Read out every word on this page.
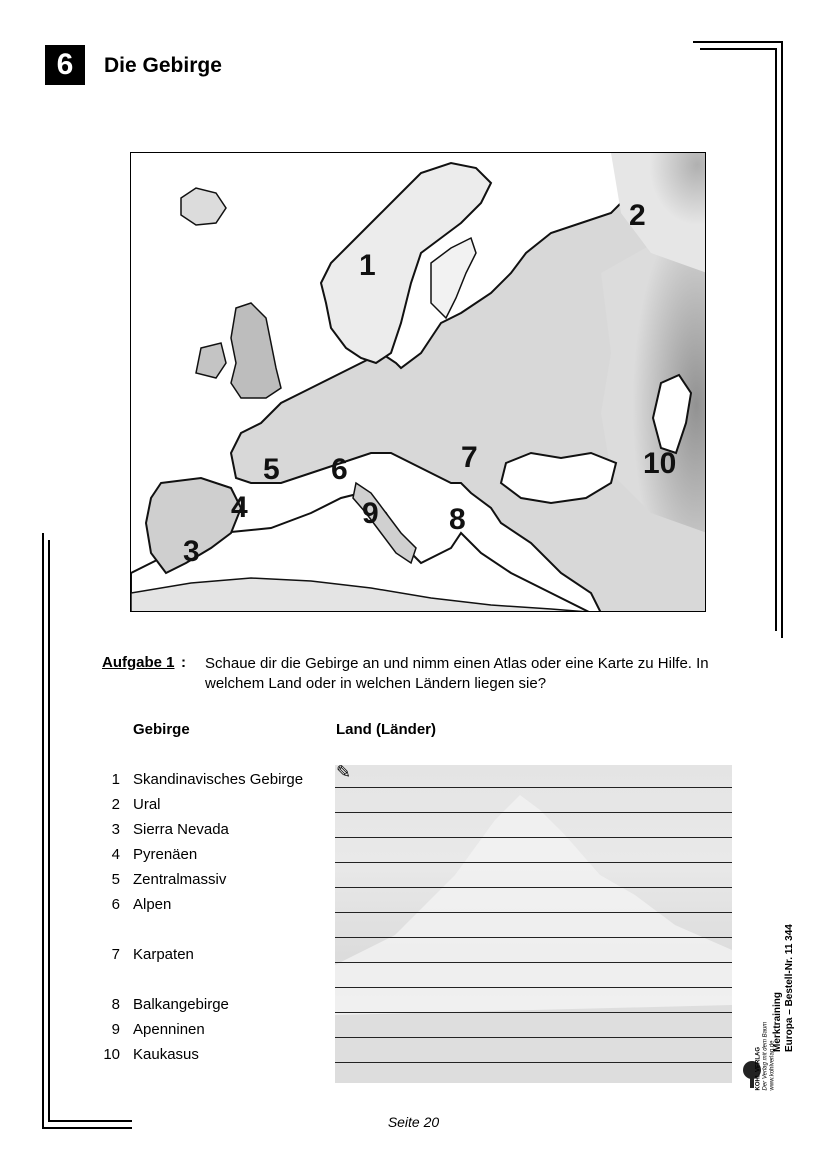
6	Die Gebirge
1
2
3
4
5 6	7
8
9
10
Aufgabe 1 : Schaue dir die Gebirge an und nimm einen Atlas oder eine Karte zu Hilfe. In welchem Land oder in welchen Ländern liegen sie?
Gebirge	Land (Länder)
✎
1 Skandinavisches Gebirge
2 Ural
3 Sierra Nevada
4 Pyrenäen
5 Zentralmassiv
6 Alpen
7 Karpaten
8 Balkangebirge
9 Apenninen
10 Kaukasus
Merktraining Europa – Bestell-Nr. 11 344
KOHL VERLAG Der Verlag mit dem Baum www.kohlverlag.de
Seite 20
